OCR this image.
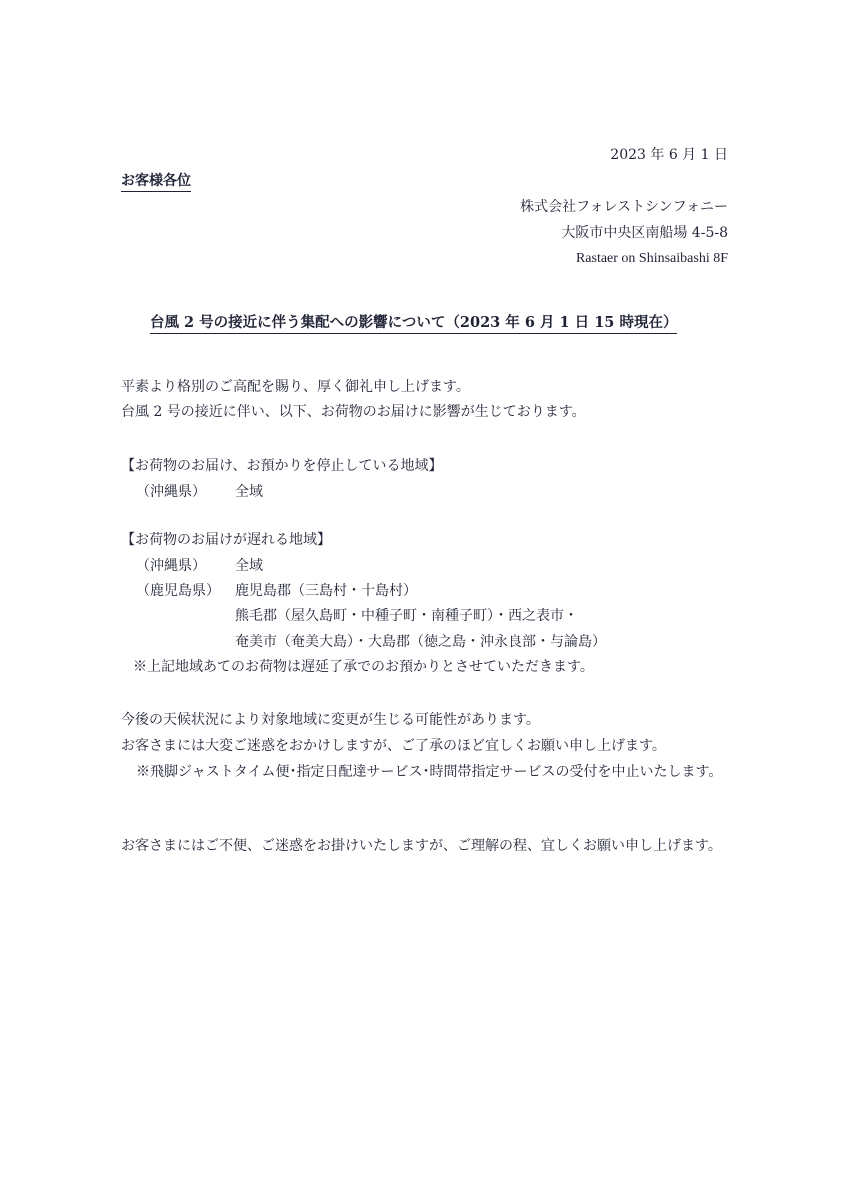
2023 年 6 月 1 日
お客様各位
株式会社フォレストシンフォニー
大阪市中央区南船場 4-5-8
Rastaer on Shinsaibashi 8F
台風 2 号の接近に伴う集配への影響について（2023 年 6 月 1 日 15 時現在）
平素より格別のご高配を賜り、厚く御礼申し上げます。
台風 2 号の接近に伴い、以下、お荷物のお届けに影響が生じております。
【お荷物のお届け、お預かりを停止している地域】
（沖縄県） 全域
【お荷物のお届けが遅れる地域】
（沖縄県） 全域
（鹿児島県） 鹿児島郡（三島村・十島村）
熊毛郡（屋久島町・中種子町・南種子町）・西之表市・
奄美市（奄美大島）・大島郡（徳之島・沖永良部・与論島）
※上記地域あてのお荷物は遅延了承でのお預かりとさせていただきます。
今後の天候状況により対象地域に変更が生じる可能性があります。
お客さまには大変ご迷惑をおかけしますが、ご了承のほど宜しくお願い申し上げます。
※飛脚ジャストタイム便･指定日配達サービス･時間帯指定サービスの受付を中止いたします。
お客さまにはご不便、ご迷惑をお掛けいたしますが、ご理解の程、宜しくお願い申し上げます。
